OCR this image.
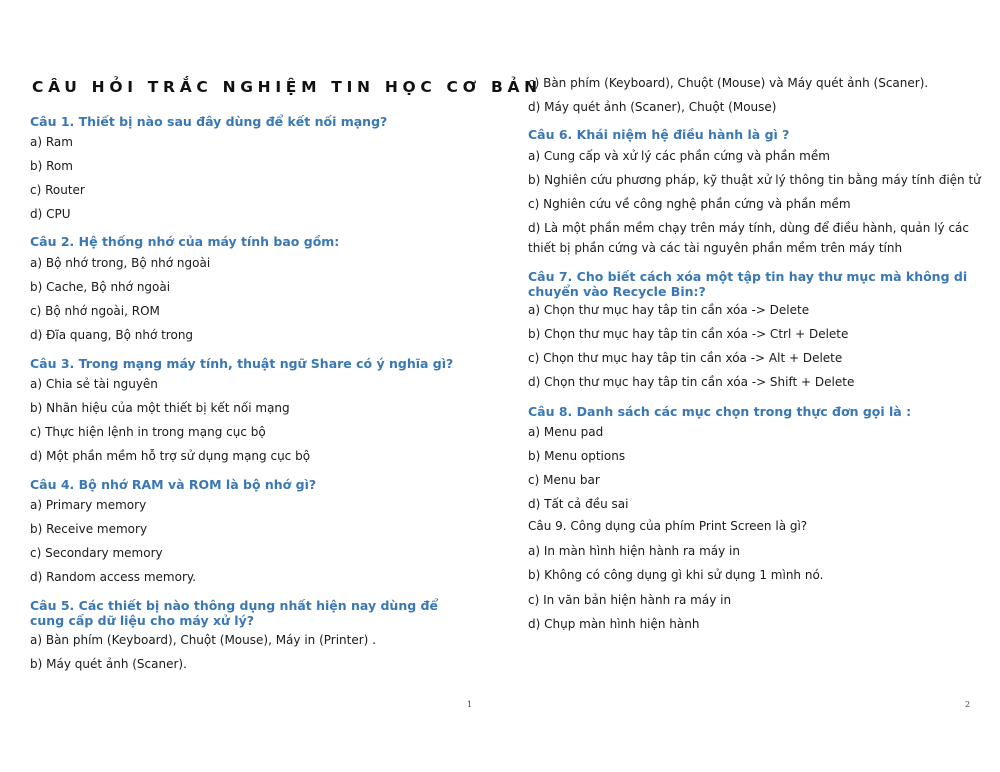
CÂU HỎI TRẮC NGHIỆM TIN HỌC CƠ BẢN
Câu 1. Thiết bị nào sau đây dùng để kết nối mạng?
a) Ram
b) Rom
c) Router
d) CPU
Câu 2. Hệ thống nhớ của máy tính bao gồm:
a) Bộ nhớ trong, Bộ nhớ ngoài
b) Cache, Bộ nhớ ngoài
c) Bộ nhớ ngoài, ROM
d) Đĩa quang, Bộ nhớ trong
Câu 3. Trong mạng máy tính, thuật ngữ Share có ý nghĩa gì?
a) Chia sẻ tài nguyên
b) Nhãn hiệu của một thiết bị kết nối mạng
c) Thực hiện lệnh in trong mạng cục bộ
d) Một phần mềm hỗ trợ sử dụng mạng cục bộ
Câu 4. Bộ nhớ RAM và ROM là bộ nhớ gì?
a) Primary memory
b) Receive memory
c) Secondary memory
d) Random access memory.
Câu 5. Các thiết bị nào thông dụng nhất hiện nay dùng để cung cấp dữ liệu cho máy xử lý?
a) Bàn phím (Keyboard), Chuột (Mouse), Máy in (Printer) .
b) Máy quét ảnh (Scaner).
1
c) Bàn phím (Keyboard), Chuột (Mouse) và Máy quét ảnh (Scaner).
d) Máy quét ảnh (Scaner), Chuột (Mouse)
Câu 6. Khái niệm hệ điều hành là gì ?
a) Cung cấp và xử lý các phần cứng và phần mềm
b) Nghiên cứu phương pháp, kỹ thuật xử lý thông tin bằng máy tính điện tử
c) Nghiên cứu về công nghệ phần cứng và phần mềm
d) Là một phần mềm chạy trên máy tính, dùng để điều hành, quản lý các thiết bị phần cứng và các tài nguyên phần mềm trên máy tính
Câu 7. Cho biết cách xóa một tập tin hay thư mục mà không di chuyển vào Recycle Bin:?
a) Chọn thư mục hay tâp tin cần xóa -> Delete
b) Chọn thư mục hay tâp tin cần xóa -> Ctrl + Delete
c) Chọn thư mục hay tâp tin cần xóa -> Alt + Delete
d) Chọn thư mục hay tâp tin cần xóa -> Shift + Delete
Câu 8. Danh sách các mục chọn trong thực đơn gọi là :
a) Menu pad
b) Menu options
c) Menu bar
d) Tất cả đều sai
Câu 9. Công dụng của phím Print Screen là gì?
a) In màn hình hiện hành ra máy in
b) Không có công dụng gì khi sử dụng 1 mình nó.
c) In văn bản hiện hành ra máy in
d) Chụp màn hình hiện hành
2
